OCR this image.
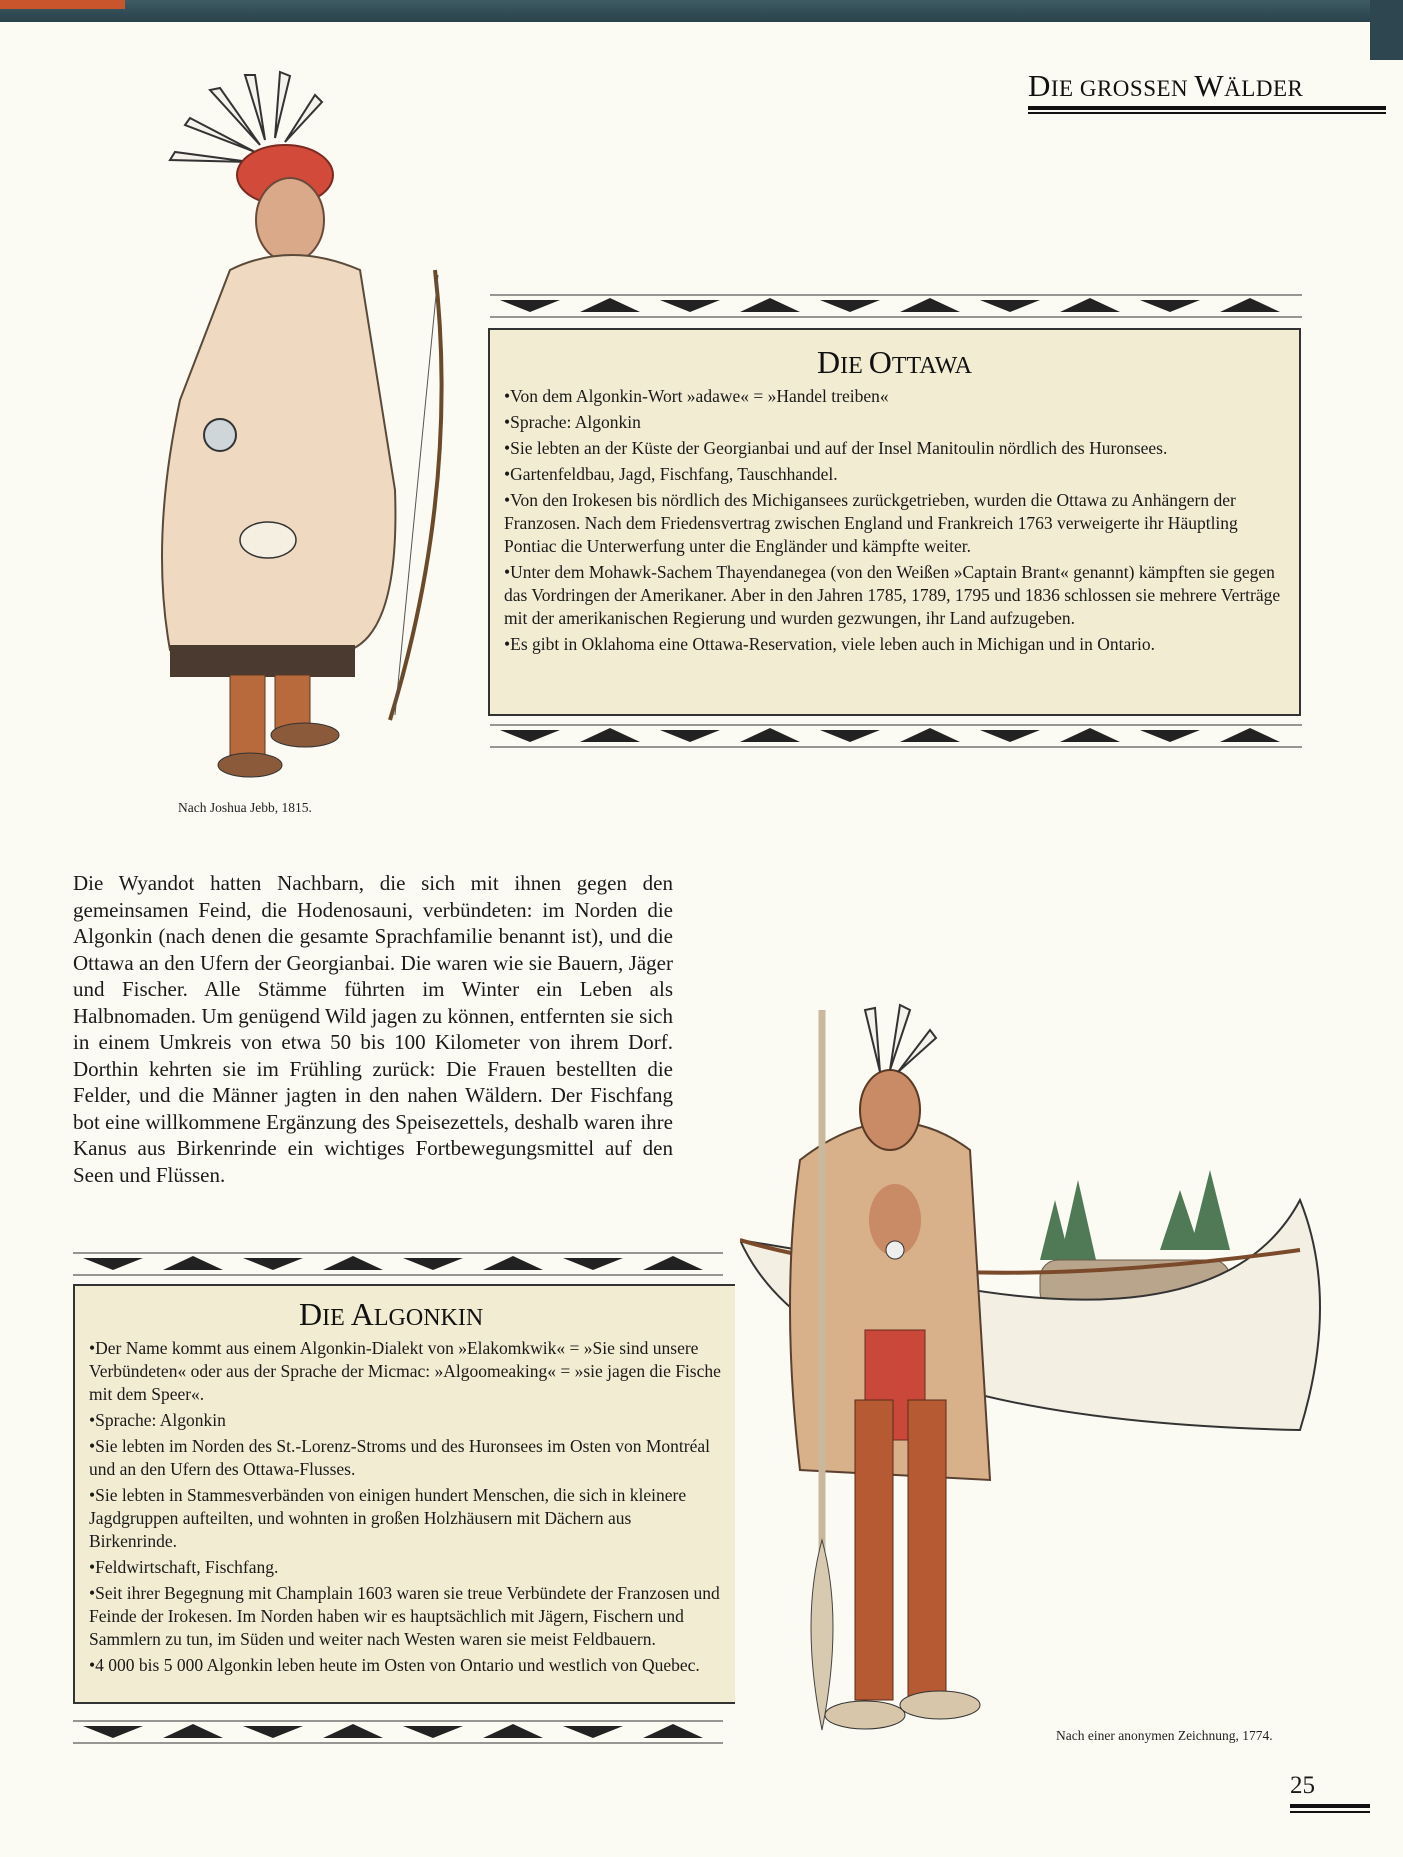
DIE GROSSEN WÄLDER
DIE OTTAWA
• Von dem Algonkin-Wort »adawe« = »Handel treiben«
• Sprache: Algonkin
• Sie lebten an der Küste der Georgianbai und auf der Insel Manitoulin nördlich des Huronsees.
• Gartenfeldbau, Jagd, Fischfang, Tauschhandel.
• Von den Irokesen bis nördlich des Michigansees zurückgetrieben, wurden die Ottawa zu Anhängern der Franzosen. Nach dem Friedensvertrag zwischen England und Frankreich 1763 verweigerte ihr Häuptling Pontiac die Unterwerfung unter die Engländer und kämpfte weiter.
• Unter dem Mohawk-Sachem Thayendanegea (von den Weißen »Captain Brant« genannt) kämpften sie gegen das Vordringen der Amerikaner. Aber in den Jahren 1785, 1789, 1795 und 1836 schlossen sie mehrere Verträge mit der amerikanischen Regierung und wurden gezwungen, ihr Land aufzugeben.
• Es gibt in Oklahoma eine Ottawa-Reservation, viele leben auch in Michigan und in Ontario.
Nach Joshua Jebb, 1815.
Die Wyandot hatten Nachbarn, die sich mit ihnen gegen den gemeinsamen Feind, die Hodenosauni, verbündeten: im Norden die Algonkin (nach denen die gesamte Sprachfamilie benannt ist), und die Ottawa an den Ufern der Georgianbai. Die waren wie sie Bauern, Jäger und Fischer. Alle Stämme führten im Winter ein Leben als Halbnomaden. Um genügend Wild jagen zu können, entfernten sie sich in einem Umkreis von etwa 50 bis 100 Kilometer von ihrem Dorf. Dorthin kehrten sie im Frühling zurück: Die Frauen bestellten die Felder, und die Männer jagten in den nahen Wäldern. Der Fischfang bot eine willkommene Ergänzung des Speisezettels, deshalb waren ihre Kanus aus Birkenrinde ein wichtiges Fortbewegungsmittel auf den Seen und Flüssen.
DIE ALGONKIN
• Der Name kommt aus einem Algonkin-Dialekt von »Elakomkwik« = »Sie sind unsere Verbündeten« oder aus der Sprache der Micmac: »Algoomeaking« = »sie jagen die Fische mit dem Speer«.
• Sprache: Algonkin
• Sie lebten im Norden des St.-Lorenz-Stroms und des Huronsees im Osten von Montréal und an den Ufern des Ottawa-Flusses.
• Sie lebten in Stammesverbänden von einigen hundert Menschen, die sich in kleinere Jagdgruppen aufteilten, und wohnten in großen Holzhäusern mit Dächern aus Birkenrinde.
• Feldwirtschaft, Fischfang.
• Seit ihrer Begegnung mit Champlain 1603 waren sie treue Verbündete der Franzosen und Feinde der Irokesen. Im Norden haben wir es hauptsächlich mit Jägern, Fischern und Sammlern zu tun, im Süden und weiter nach Westen waren sie meist Feldbauern.
• 4 000 bis 5 000 Algonkin leben heute im Osten von Ontario und westlich von Quebec.
Nach einer anonymen Zeichnung, 1774.
25
